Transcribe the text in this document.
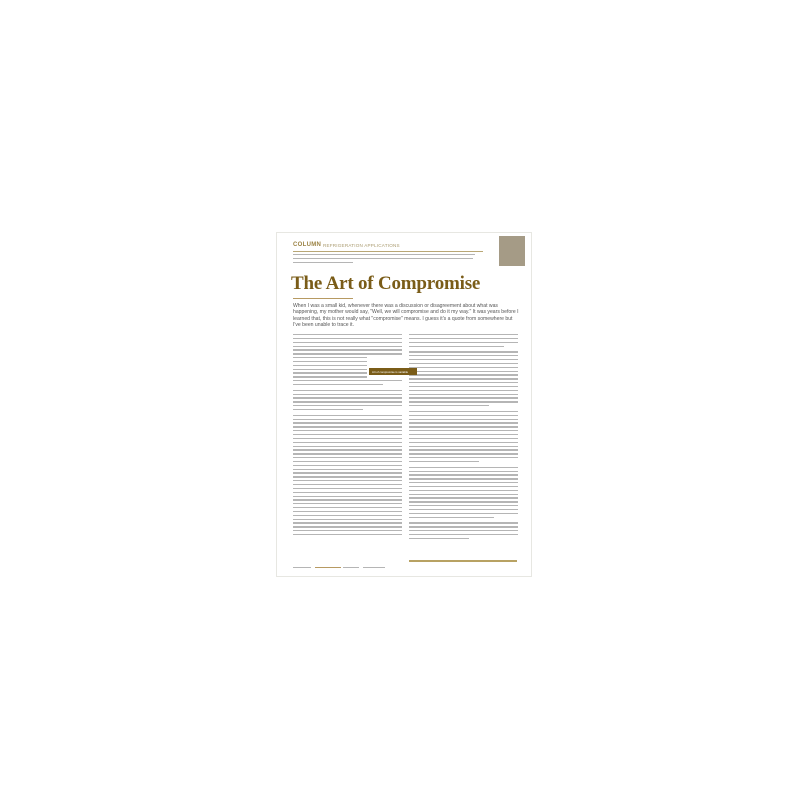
COLUMN REFRIGERATION APPLICATIONS
The Art of Compromise
When I was a small kid, whenever there was a discussion or disagreement about what was happening, my mother would say, "Well, we will compromise and do it my way." It was years before I learned that, this is not really what "compromise" means. I guess it's a quote from somewhere but I've been unable to trace it.
Art of compromise is variable
